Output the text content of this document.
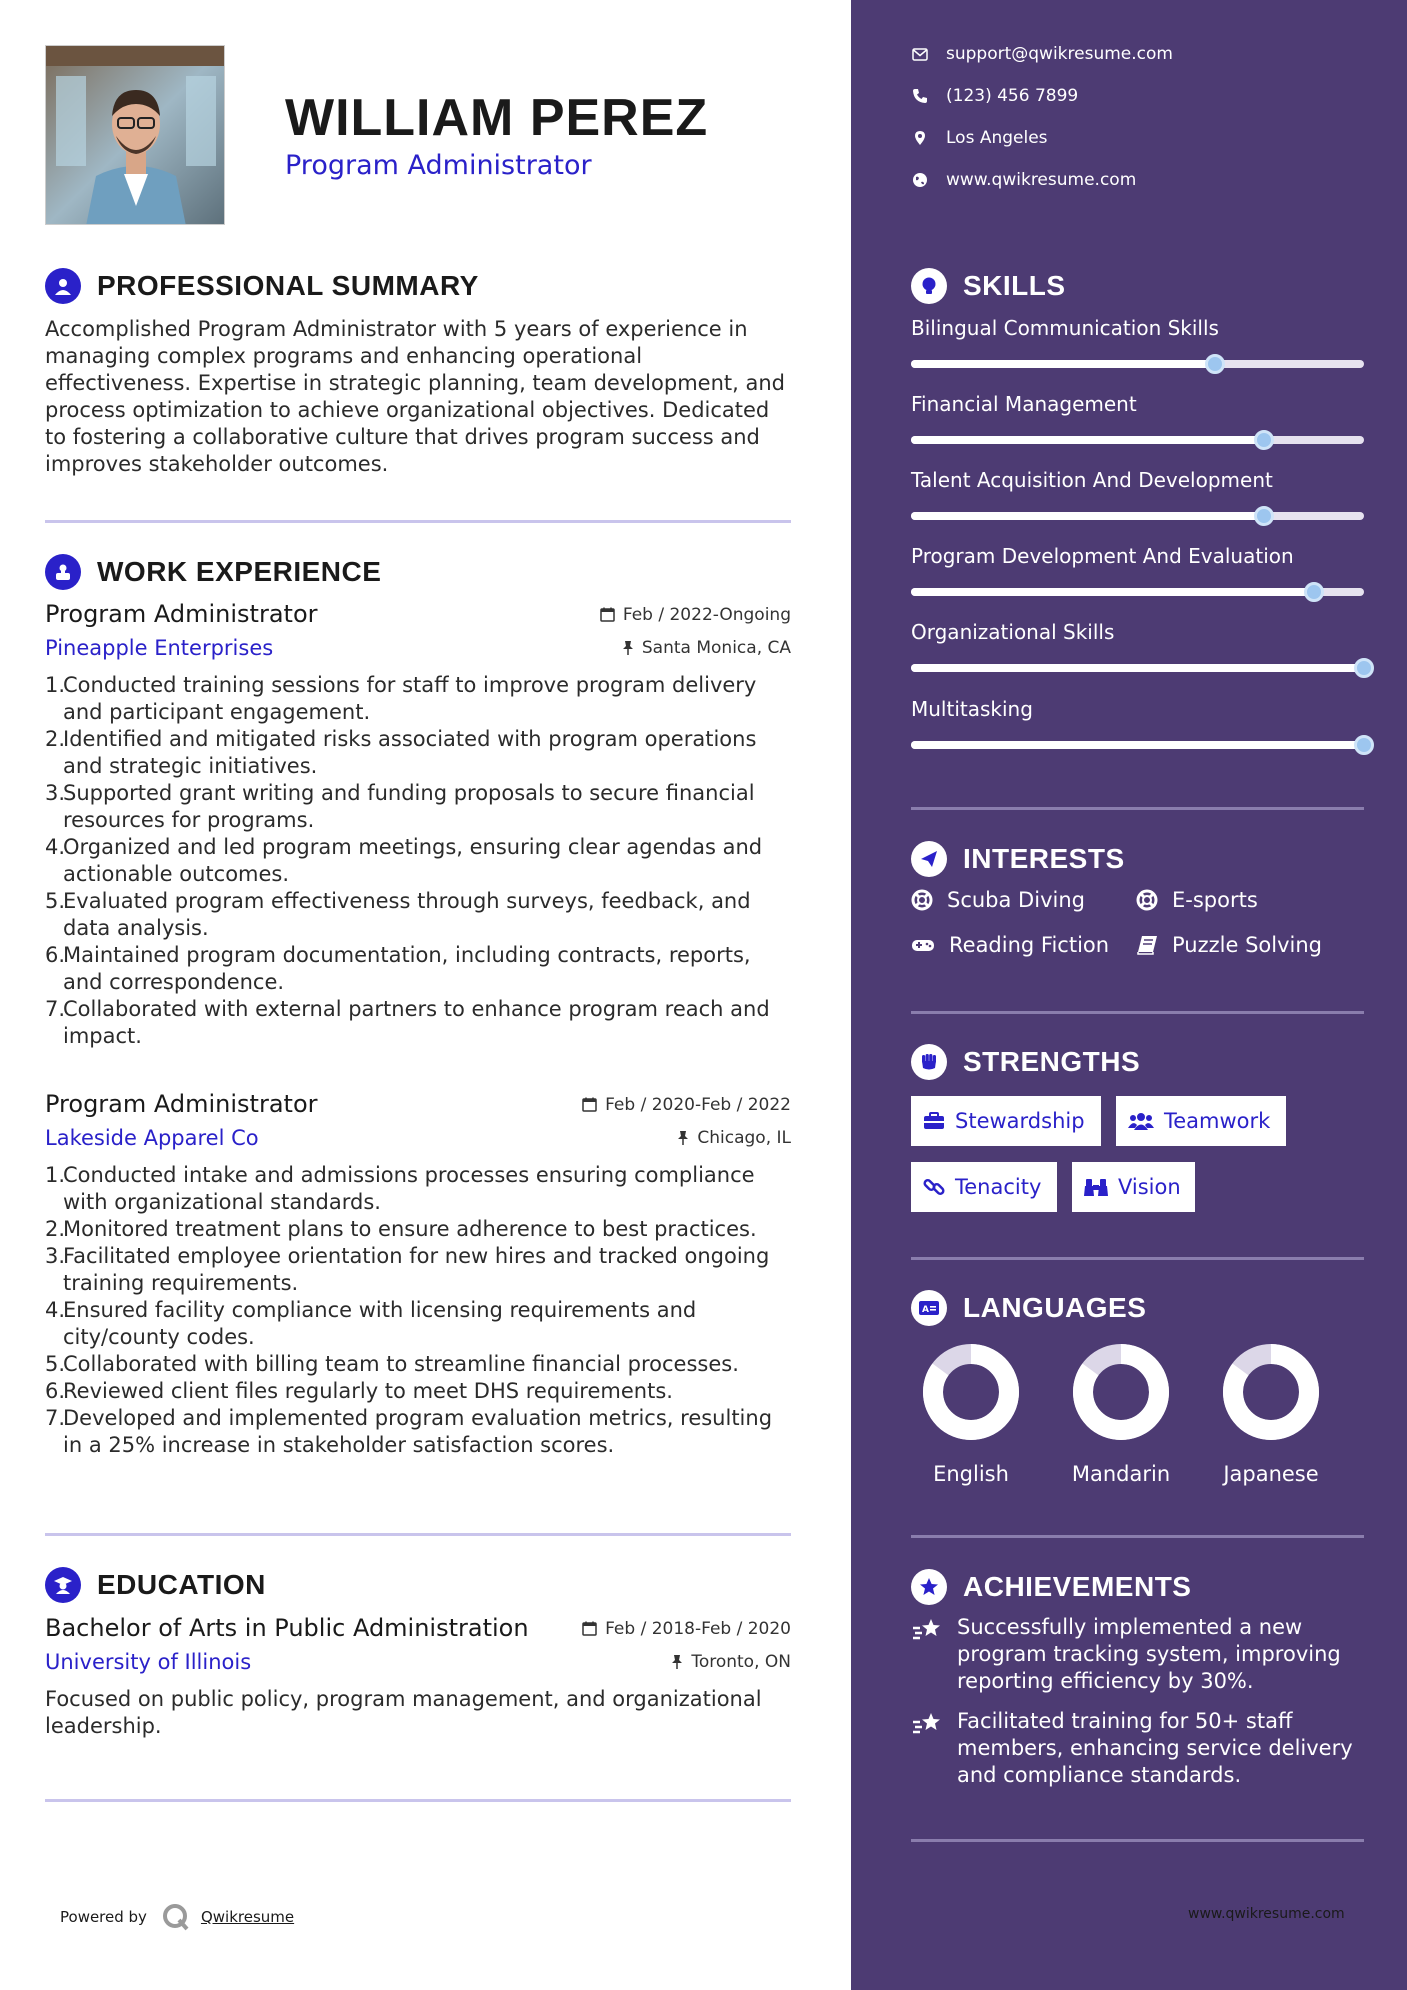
WILLIAM PEREZ
Program Administrator
PROFESSIONAL SUMMARY
Accomplished Program Administrator with 5 years of experience in managing complex programs and enhancing operational effectiveness. Expertise in strategic planning, team development, and process optimization to achieve organizational objectives. Dedicated to fostering a collaborative culture that drives program success and improves stakeholder outcomes.
WORK EXPERIENCE
Program Administrator	Feb / 2022-Ongoing
Pineapple Enterprises	Santa Monica, CA
1.
Conducted training sessions for staff to improve program delivery and participant engagement.
2.
Identified and mitigated risks associated with program operations and strategic initiatives.
3.
Supported grant writing and funding proposals to secure financial resources for programs.
4.
Organized and led program meetings, ensuring clear agendas and actionable outcomes.
5.
Evaluated program effectiveness through surveys, feedback, and data analysis.
6.
Maintained program documentation, including contracts, reports, and correspondence.
7.
Collaborated with external partners to enhance program reach and impact.
Program Administrator	Feb / 2020-Feb / 2022
Lakeside Apparel Co	Chicago, IL
1.
Conducted intake and admissions processes ensuring compliance with organizational standards.
2.
Monitored treatment plans to ensure adherence to best practices.
3.
Facilitated employee orientation for new hires and tracked ongoing training requirements.
4.
Ensured facility compliance with licensing requirements and city/county codes.
5.
Collaborated with billing team to streamline financial processes.
6.
Reviewed client files regularly to meet DHS requirements.
7.
Developed and implemented program evaluation metrics, resulting in a 25% increase in stakeholder satisfaction scores.
EDUCATION
Bachelor of Arts in Public Administration	Feb / 2018-Feb / 2020
University of Illinois	Toronto, ON
Focused on public policy, program management, and organizational leadership.
Powered by	Qwikresume
support@qwikresume.com
(123) 456 7899
Los Angeles
www.qwikresume.com
SKILLS
Bilingual Communication Skills
Financial Management
Talent Acquisition And Development
Program Development And Evaluation
Organizational Skills
Multitasking
INTERESTS
Scuba Diving	E-sports
Reading Fiction	Puzzle Solving
STRENGTHS
Stewardship	Teamwork
Tenacity	Vision
A LANGUAGES
English	Mandarin	Japanese
ACHIEVEMENTS
Successfully implemented a new program tracking system, improving reporting efficiency by 30%.
Facilitated training for 50+ staff members, enhancing service delivery and compliance standards.
www.qwikresume.com
